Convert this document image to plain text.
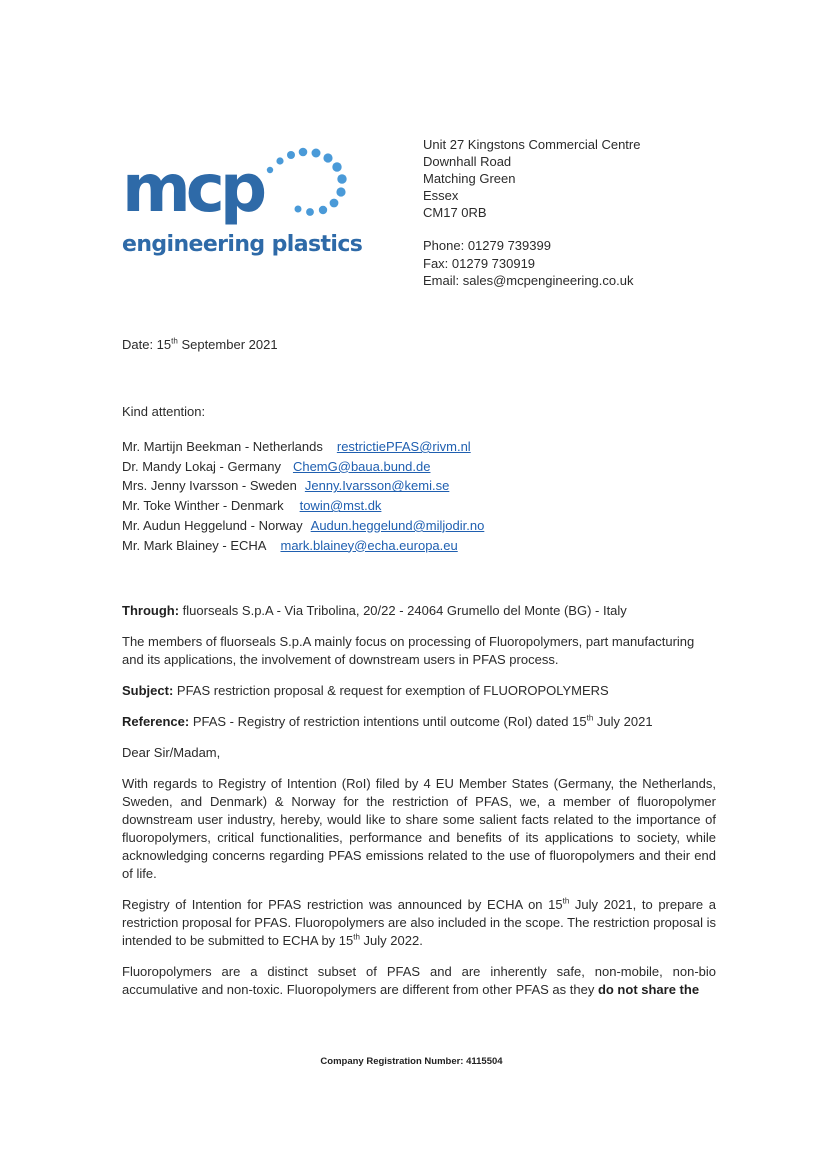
mcp
engineering plastics
Unit 27 Kingstons Commercial Centre
Downhall Road
Matching Green
Essex
CM17 0RB
Phone: 01279 739399
Fax: 01279 730919
Email: sales@mcpengineering.co.uk
Date: 15th September 2021
Kind attention:
Mr. Martijn Beekman - Netherlands restrictiePFAS@rivm.nl
Dr. Mandy Lokaj - Germany ChemG@baua.bund.de
Mrs. Jenny Ivarsson - Sweden Jenny.Ivarsson@kemi.se
Mr. Toke Winther - Denmark towin@mst.dk
Mr. Audun Heggelund - Norway Audun.heggelund@miljodir.no
Mr. Mark Blainey - ECHA mark.blainey@echa.europa.eu

Through: fluorseals S.p.A - Via Tribolina, 20/22 - 24064 Grumello del Monte (BG) - Italy

The members of fluorseals S.p.A mainly focus on processing of Fluoropolymers, part manufacturing and its applications, the involvement of downstream users in PFAS process.

Subject: PFAS restriction proposal & request for exemption of FLUOROPOLYMERS

Reference: PFAS - Registry of restriction intentions until outcome (RoI) dated 15th July 2021

Dear Sir/Madam,

With regards to Registry of Intention (RoI) filed by 4 EU Member States (Germany, the Netherlands, Sweden, and Denmark) & Norway for the restriction of PFAS, we, a member of fluoropolymer downstream user industry, hereby, would like to share some salient facts related to the importance of fluoropolymers, critical functionalities, performance and benefits of its applications to society, while acknowledging concerns regarding PFAS emissions related to the use of fluoropolymers and their end of life.

Registry of Intention for PFAS restriction was announced by ECHA on 15th July 2021, to prepare a restriction proposal for PFAS. Fluoropolymers are also included in the scope. The restriction proposal is intended to be submitted to ECHA by 15th July 2022.

Fluoropolymers are a distinct subset of PFAS and are inherently safe, non-mobile, non-bio accumulative and non-toxic. Fluoropolymers are different from other PFAS as they do not share the

Company Registration Number: 4115504
